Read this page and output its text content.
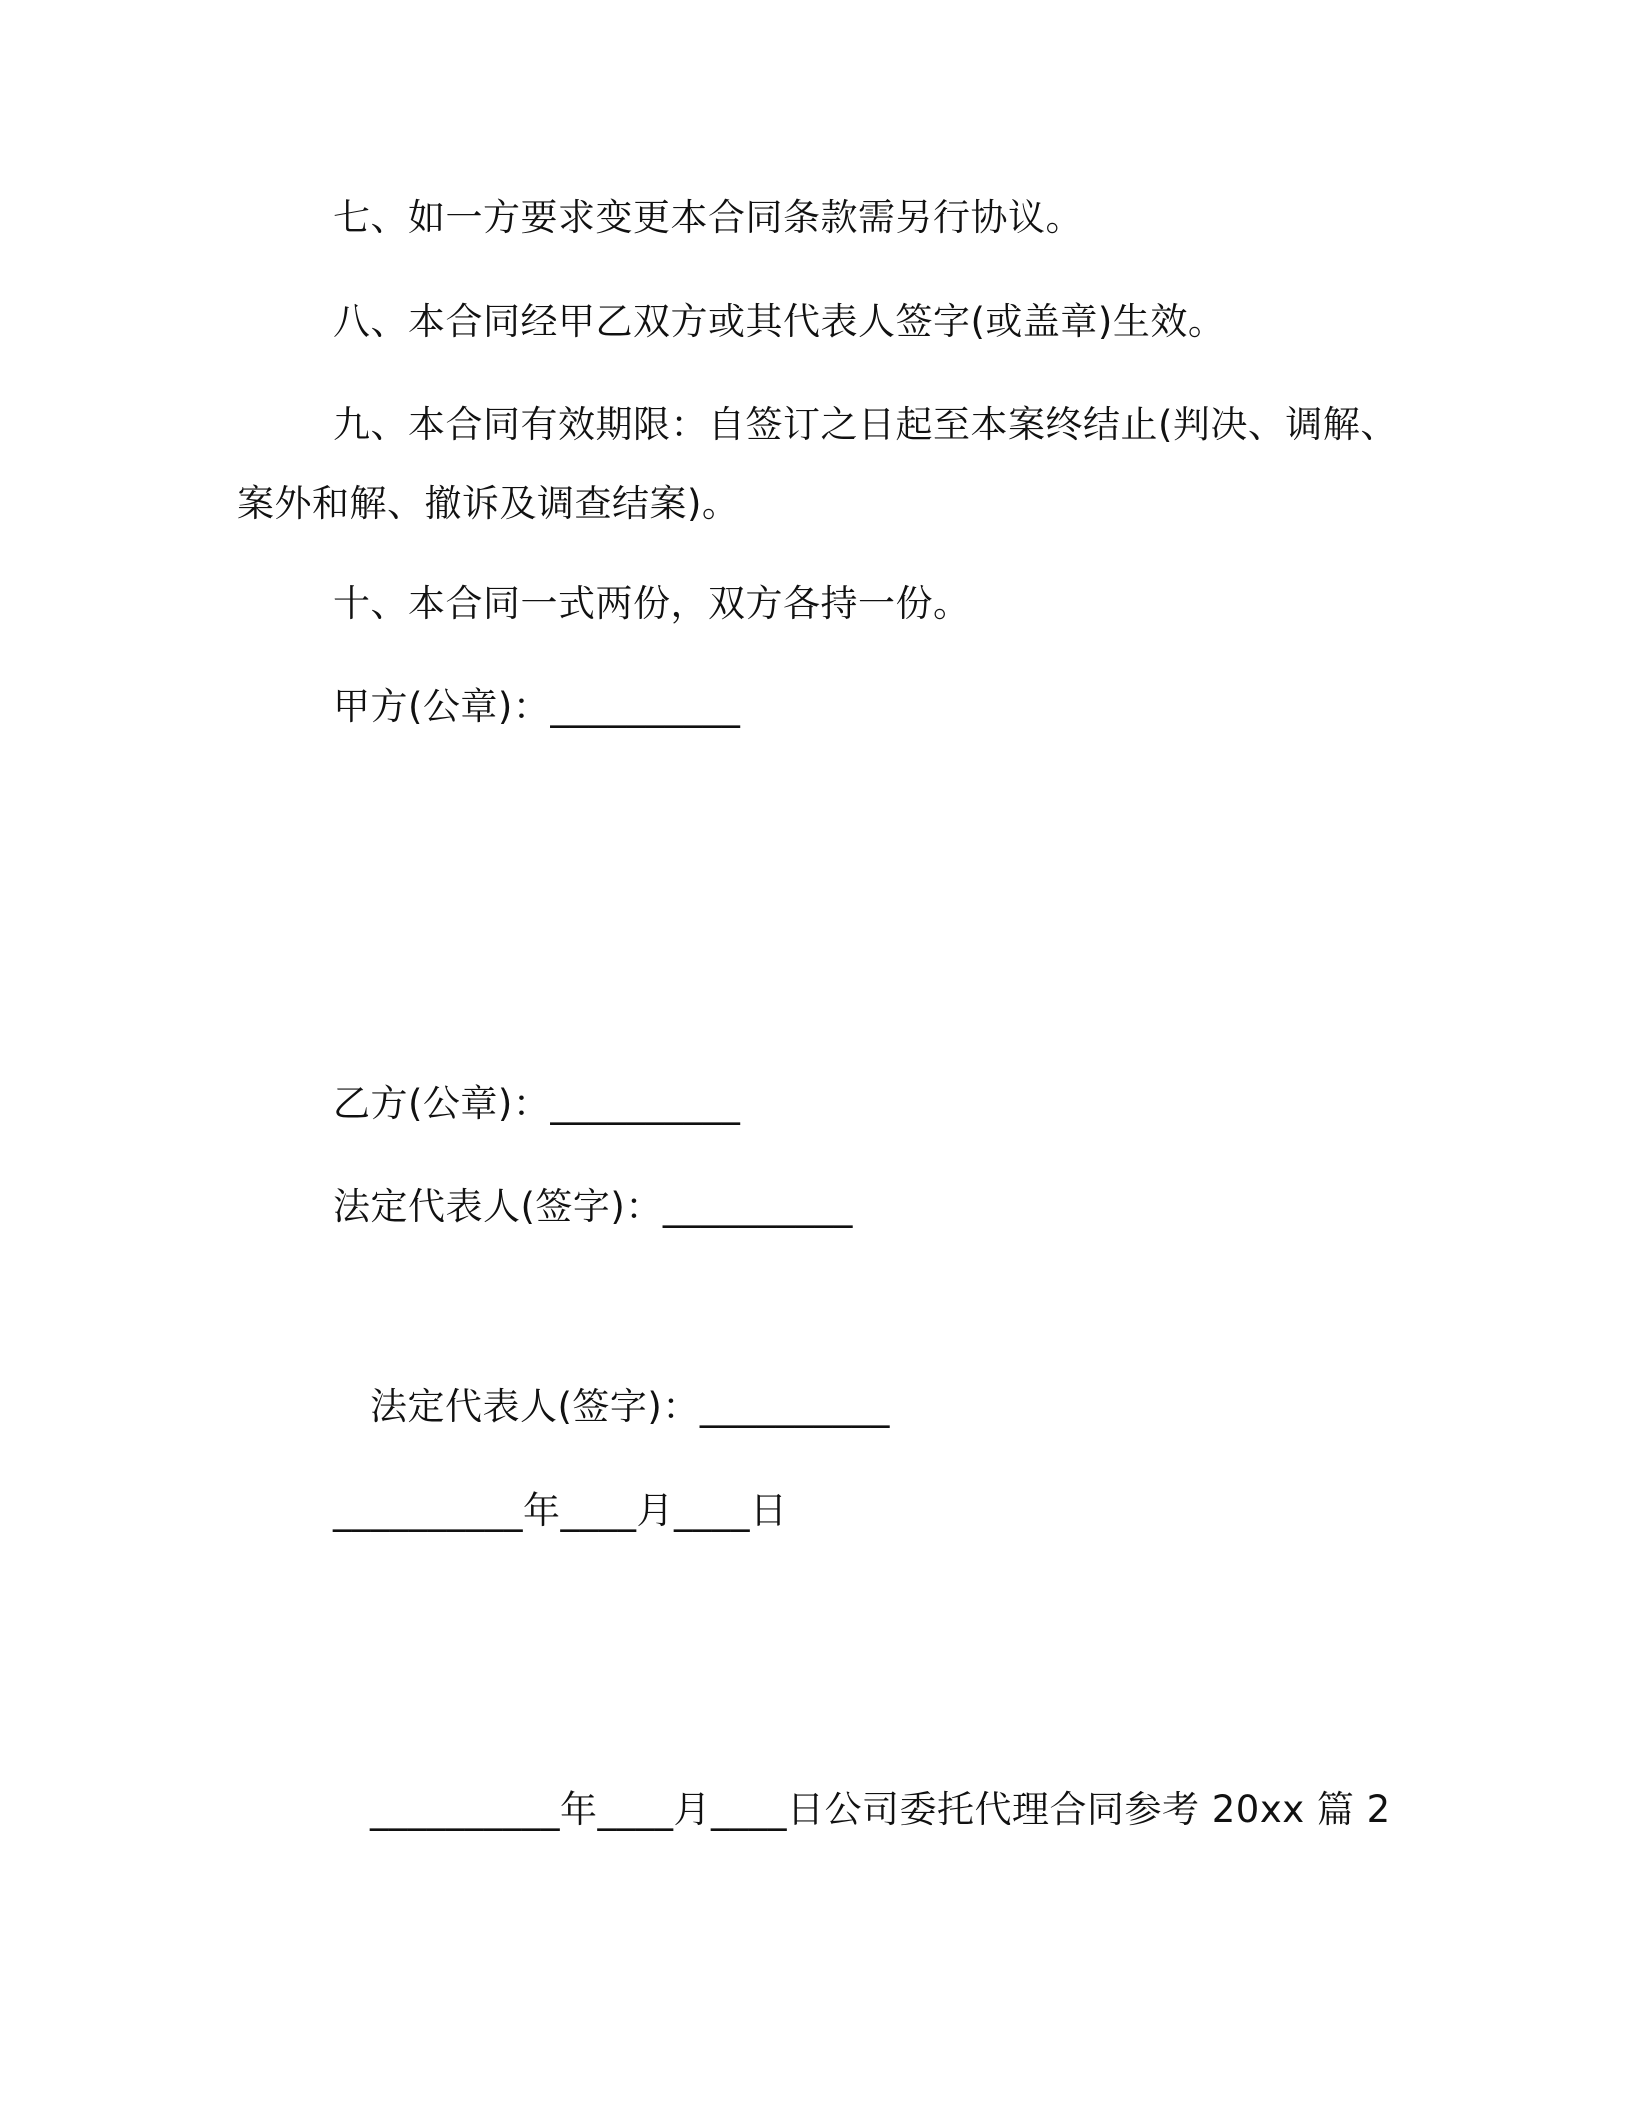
七、如一方要求变更本合同条款需另行协议。
八、本合同经甲乙双方或其代表人签字(或盖章)生效。
九、本合同有效期限：自签订之日起至本案终结止(判决、调解、
案外和解、撤诉及调查结案)。
十、本合同一式两份，双方各持一份。
甲方(公章)：__________
乙方(公章)：__________
法定代表人(签字)：__________
法定代表人(签字)：__________
__________年____月____日
__________年____月____日公司委托代理合同参考 20xx 篇 2
